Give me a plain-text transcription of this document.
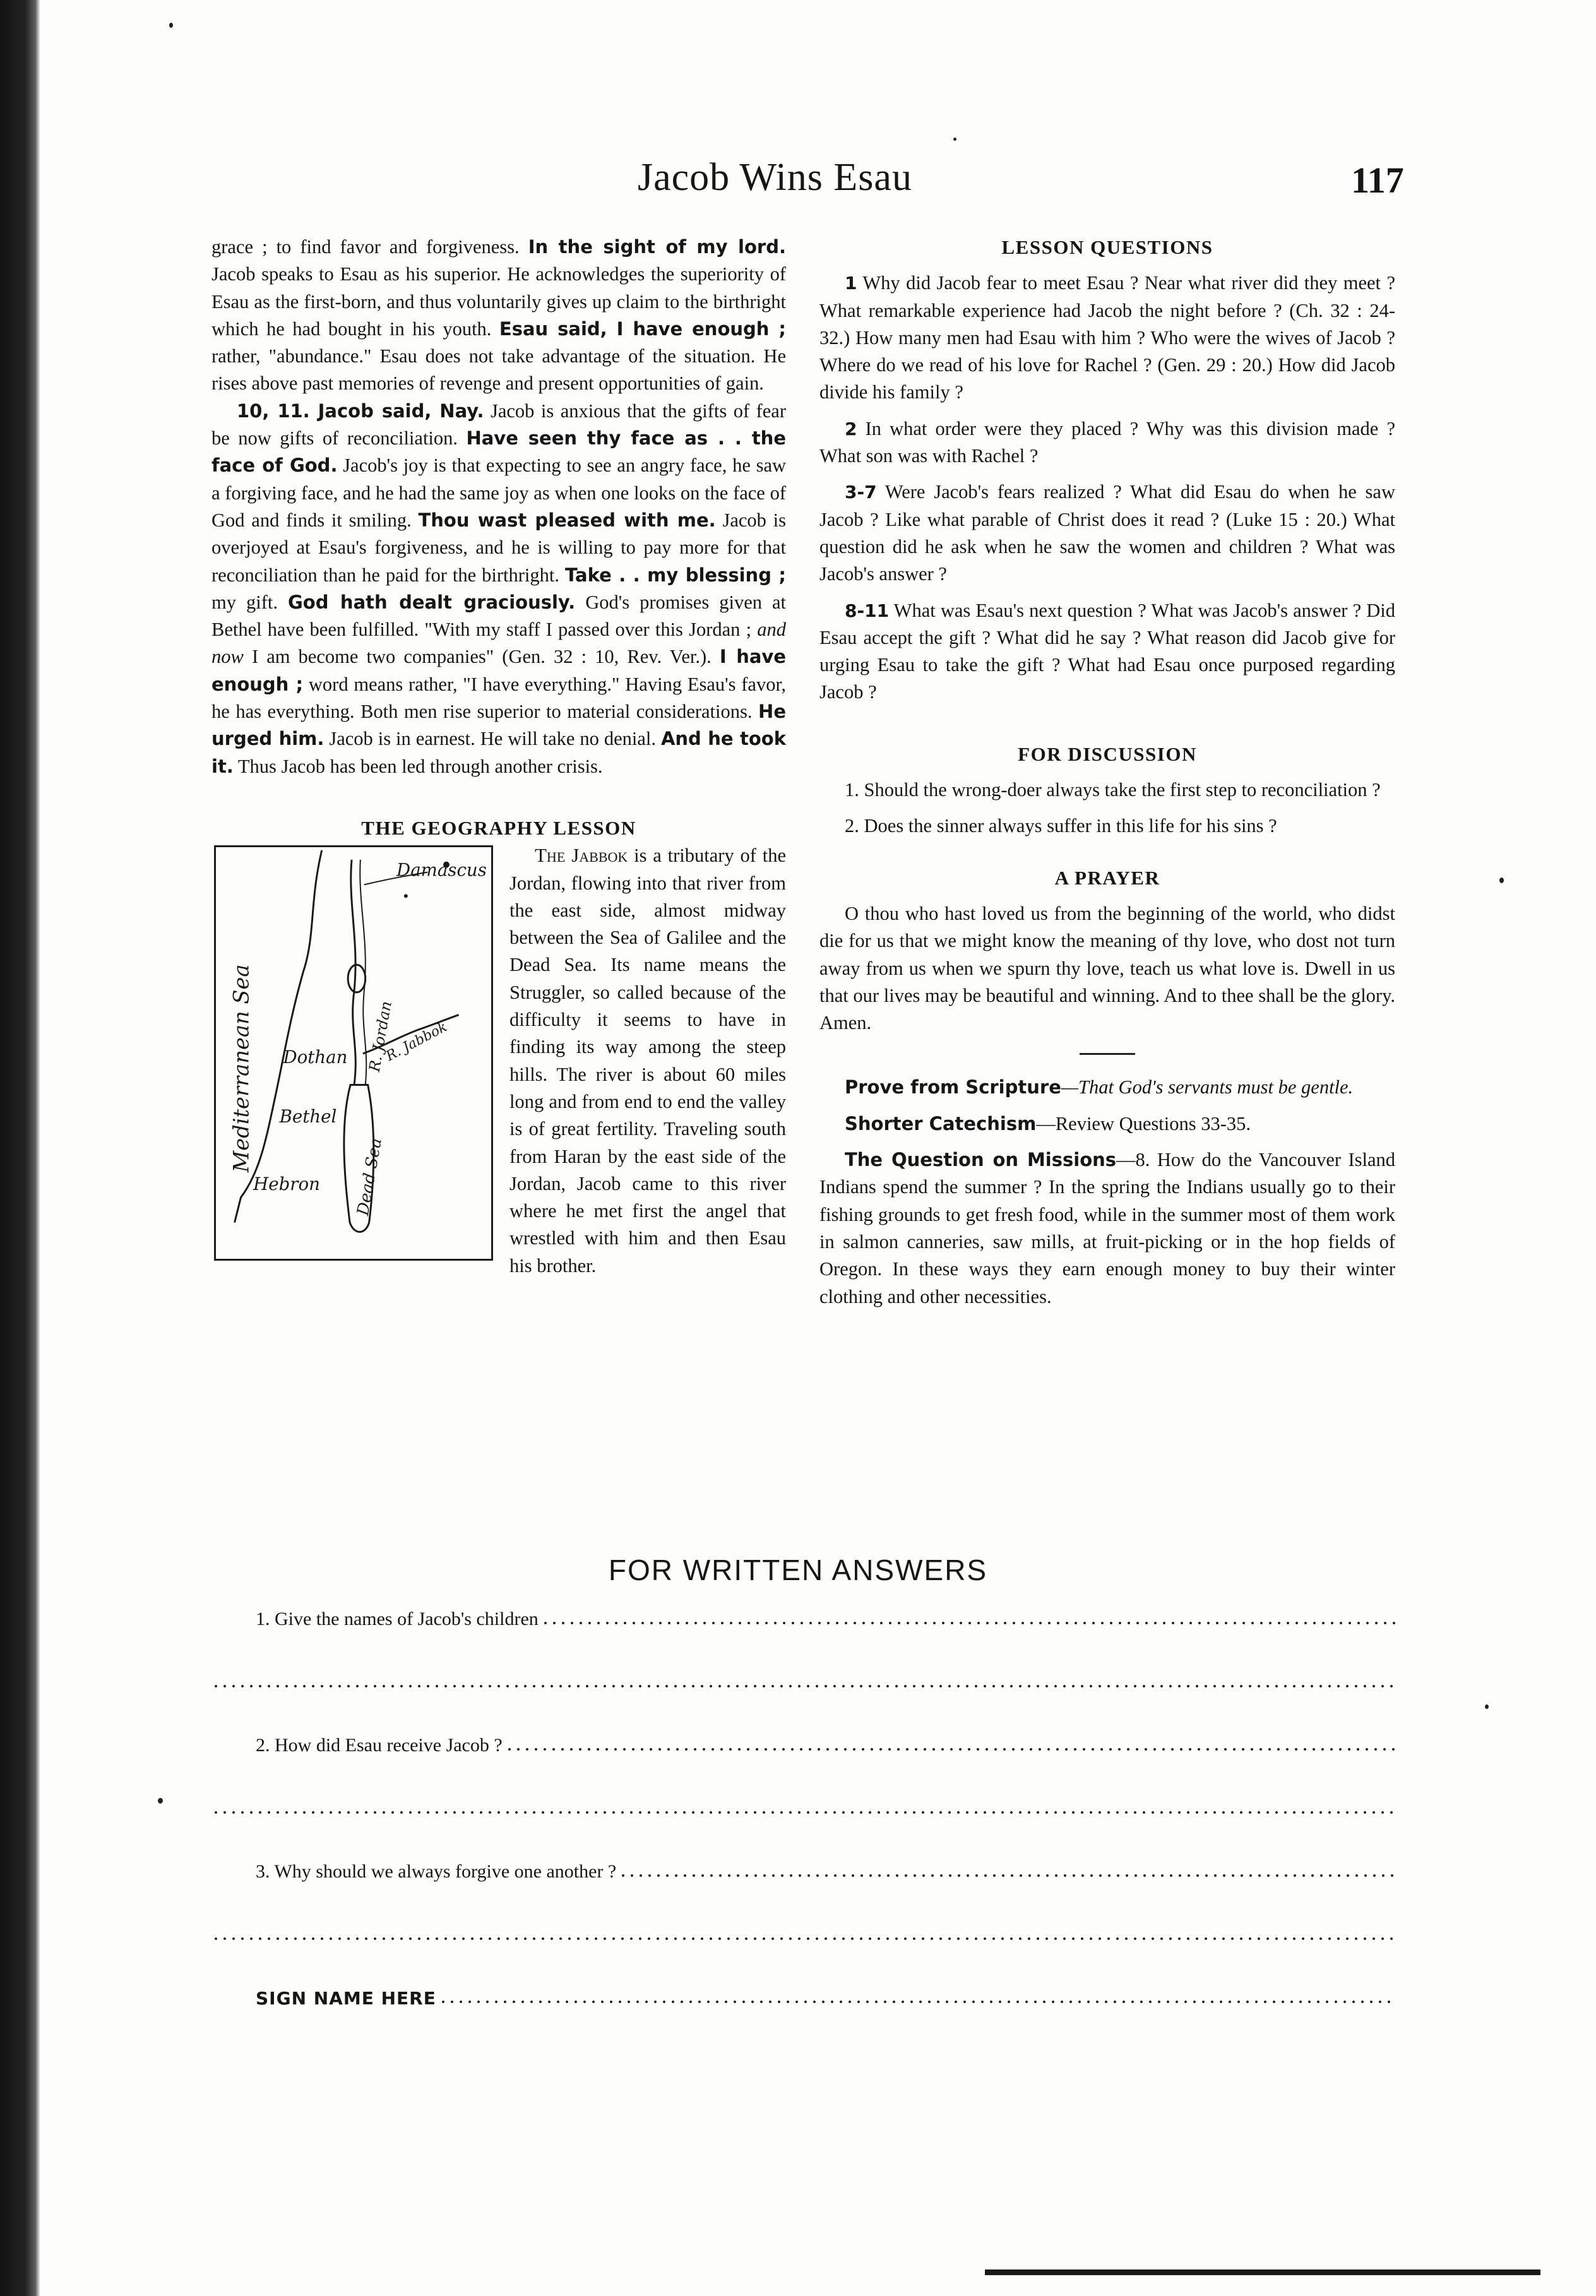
Jacob Wins Esau	117

grace ; to find favor and forgiveness. In the sight of my lord. Jacob speaks to Esau as his superior. He acknowledges the superiority of Esau as the first-born, and thus voluntarily gives up claim to the birthright which he had bought in his youth. Esau said, I have enough ; rather, "abundance." Esau does not take advantage of the situation. He rises above past memories of revenge and present opportunities of gain.

10, 11. Jacob said, Nay. Jacob is anxious that the gifts of fear be now gifts of reconciliation. Have seen thy face as . . the face of God. Jacob's joy is that expecting to see an angry face, he saw a forgiving face, and he had the same joy as when one looks on the face of God and finds it smiling. Thou wast pleased with me. Jacob is overjoyed at Esau's forgiveness, and he is willing to pay more for that reconciliation than he paid for the birthright. Take . . my blessing ; my gift. God hath dealt graciously. God's promises given at Bethel have been fulfilled. "With my staff I passed over this Jordan ; and now I am become two companies" (Gen. 32 : 10, Rev. Ver.). I have enough ; word means rather, "I have everything." Having Esau's favor, he has everything. Both men rise superior to material considerations. He urged him. Jacob is in earnest. He will take no denial. And he took it. Thus Jacob has been led through another crisis.

THE GEOGRAPHY LESSON
Damascus
Mediterranean Sea	R. Jordan
R. Jabbok
Dothan
Bethel
Dead Sea
Hebron

The Jabbok is a tributary of the Jordan, flowing into that river from the east side, almost midway between the Sea of Galilee and the Dead Sea. Its name means the Struggler, so called because of the difficulty it seems to have in finding its way among the steep hills. The river is about 60 miles long and from end to end the valley is of great fertility. Traveling south from Haran by the east side of the Jordan, Jacob came to this river where he met first the angel that wrestled with him and then Esau his brother.

LESSON QUESTIONS

1 Why did Jacob fear to meet Esau ? Near what river did they meet ? What remarkable experience had Jacob the night before ? (Ch. 32 : 24-32.) How many men had Esau with him ? Who were the wives of Jacob ? Where do we read of his love for Rachel ? (Gen. 29 : 20.) How did Jacob divide his family ?

2 In what order were they placed ? Why was this division made ? What son was with Rachel ?

3-7 Were Jacob's fears realized ? What did Esau do when he saw Jacob ? Like what parable of Christ does it read ? (Luke 15 : 20.) What question did he ask when he saw the women and children ? What was Jacob's answer ?

8-11 What was Esau's next question ? What was Jacob's answer ? Did Esau accept the gift ? What did he say ? What reason did Jacob give for urging Esau to take the gift ? What had Esau once purposed regarding Jacob ?

FOR DISCUSSION

1. Should the wrong-doer always take the first step to reconciliation ?

2. Does the sinner always suffer in this life for his sins ?

A PRAYER

O thou who hast loved us from the beginning of the world, who didst die for us that we might know the meaning of thy love, who dost not turn away from us when we spurn thy love, teach us what love is. Dwell in us that our lives may be beautiful and winning. And to thee shall be the glory. Amen.

Prove from Scripture—That God's servants must be gentle.

Shorter Catechism—Review Questions 33-35.

The Question on Missions—8. How do the Vancouver Island Indians spend the summer ? In the spring the Indians usually go to their fishing grounds to get fresh food, while in the summer most of them work in salmon canneries, saw mills, at fruit-picking or in the hop fields of Oregon. In these ways they earn enough money to buy their winter clothing and other necessities.

FOR WRITTEN ANSWERS
1. Give the names of Jacob's children
2. How did Esau receive Jacob ?
3. Why should we always forgive one another ?
SIGN NAME HERE
